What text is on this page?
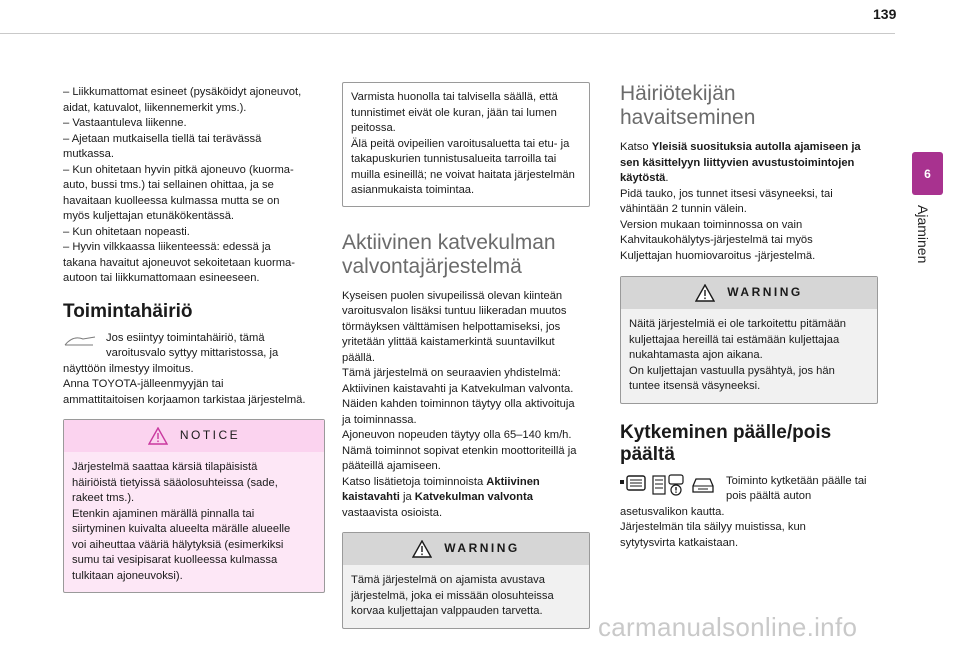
139
6
Ajaminen
– Liikkumattomat esineet (pysäköidyt ajoneuvot,
aidat, katuvalot, liikennemerkit yms.).
– Vastaantuleva liikenne.
– Ajetaan mutkaisella tiellä tai terävässä
mutkassa.
– Kun ohitetaan hyvin pitkä ajoneuvo (kuorma-
auto, bussi tms.) tai sellainen ohittaa, ja se
havaitaan kuolleessa kulmassa mutta se on
myös kuljettajan etunäkökentässä.
– Kun ohitetaan nopeasti.
– Hyvin vilkkaassa liikenteessä: edessä ja
takana havaitut ajoneuvot sekoitetaan kuorma-
autoon tai liikkumattomaan esineeseen.
Toimintahäiriö
Jos esiintyy toimintahäiriö, tämä
varoitusvalo syttyy mittaristossa, ja
näyttöön ilmestyy ilmoitus.
Anna TOYOTA-jälleenmyyjän tai
ammattitaitoisen korjaamon tarkistaa järjestelmä.
NOTICE
Järjestelmä saattaa kärsiä tilapäisistä
häiriöistä tietyissä sääolosuhteissa (sade,
rakeet tms.).
Etenkin ajaminen märällä pinnalla tai
siirtyminen kuivalta alueelta märälle alueelle
voi aiheuttaa vääriä hälytyksiä (esimerkiksi
sumu tai vesipisarat kuolleessa kulmassa
tulkitaan ajoneuvoksi).
Varmista huonolla tai talvisella säällä, että
tunnistimet eivät ole kuran, jään tai lumen
peitossa.
Älä peitä ovipeilien varoitusaluetta tai etu- ja
takapuskurien tunnistusalueita tarroilla tai
muilla esineillä; ne voivat haitata järjestelmän
asianmukaista toimintaa.
Aktiivinen katvekulman
valvontajärjestelmä
Kyseisen puolen sivupeilissä olevan kiinteän
varoitusvalon lisäksi tuntuu liikeradan muutos
törmäyksen välttämisen helpottamiseksi, jos
yritetään ylittää kaistamerkintä suuntavilkut
päällä.
Tämä järjestelmä on seuraavien yhdistelmä:
Aktiivinen kaistavahti ja Katvekulman valvonta.
Näiden kahden toiminnon täytyy olla aktivoituja
ja toiminnassa.
Ajoneuvon nopeuden täytyy olla 65–140 km/h.
Nämä toiminnot sopivat etenkin moottoriteillä ja
pääteillä ajamiseen.
Katso lisätietoja toiminnoista Aktiivinen
kaistavahti ja Katvekulman valvonta
vastaavista osioista.
WARNING
Tämä järjestelmä on ajamista avustava
järjestelmä, joka ei missään olosuhteissa
korvaa kuljettajan valppauden tarvetta.
Häiriötekijän
havaitseminen
Katso Yleisiä suosituksia autolla ajamiseen ja
sen käsittelyyn liittyvien avustustoimintojen
käytöstä.
Pidä tauko, jos tunnet itsesi väsyneeksi, tai
vähintään 2 tunnin välein.
Version mukaan toiminnossa on vain
Kahvitaukohälytys-järjestelmä tai myös
Kuljettajan huomiovaroitus -järjestelmä.
WARNING
Näitä järjestelmiä ei ole tarkoitettu pitämään
kuljettajaa hereillä tai estämään kuljettajaa
nukahtamasta ajon aikana.
On kuljettajan vastuulla pysähtyä, jos hän
tuntee itsensä väsyneeksi.
Kytkeminen päälle/pois
päältä
Toiminto kytketään päälle tai
pois päältä auton
asetusvalikon kautta.
Järjestelmän tila säilyy muistissa, kun
sytytysvirta katkaistaan.
carmanualsonline.info
